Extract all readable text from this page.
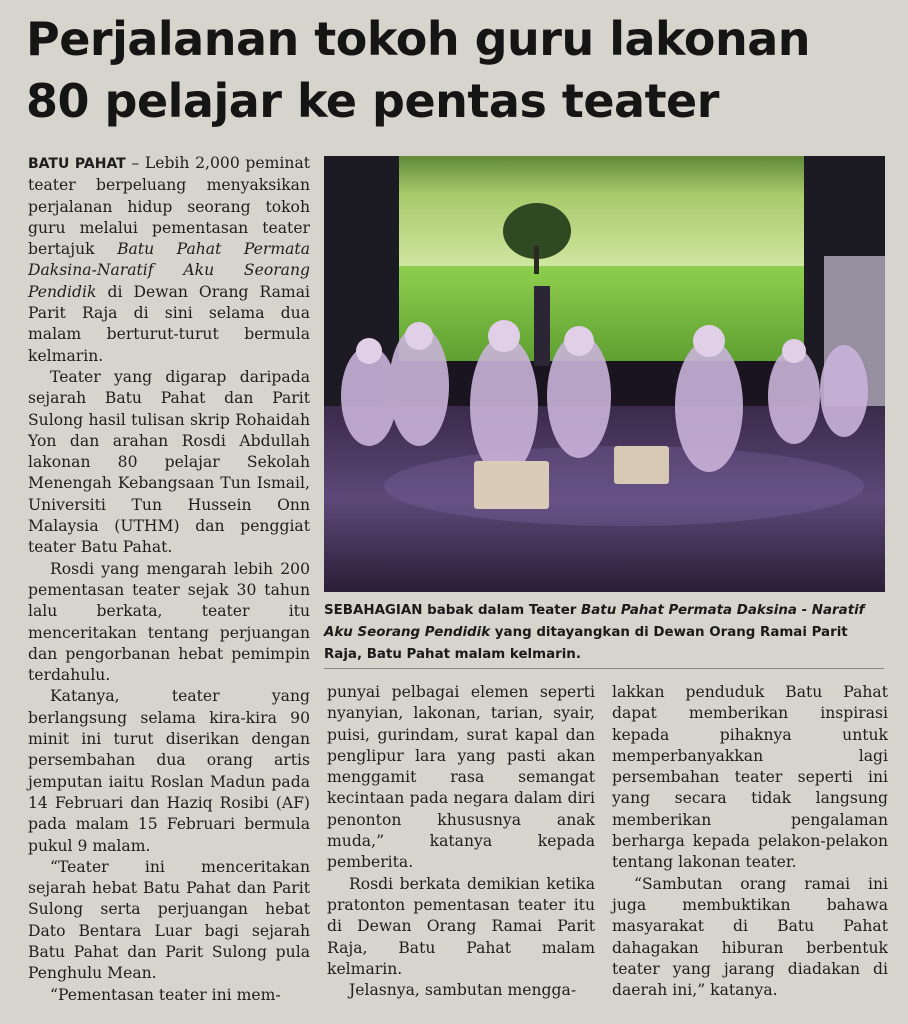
Perjalanan tokoh guru lakonan
80 pelajar ke pentas teater

BATU PAHAT – Lebih 2,000 peminat teater berpeluang menyaksikan perjalanan hidup seorang tokoh guru melalui pementasan teater bertajuk Batu Pahat Permata Daksina-Naratif Aku Seorang Pendidik di Dewan Orang Ramai Parit Raja di sini selama dua malam berturut-turut bermula kelmarin.

Teater yang digarap daripada sejarah Batu Pahat dan Parit Sulong hasil tulisan skrip Rohaidah Yon dan arahan Rosdi Abdullah lakonan 80 pelajar Sekolah Menengah Kebangsaan Tun Ismail, Universiti Tun Hussein Onn Malaysia (UTHM) dan penggiat teater Batu Pahat.

Rosdi yang mengarah lebih 200 pementasan teater sejak 30 tahun lalu berkata, teater itu menceritakan tentang perjuangan dan pengorbanan hebat pemimpin terdahulu.

Katanya, teater yang berlangsung selama kira-kira 90 minit ini turut diserikan dengan persembahan dua orang artis jemputan iaitu Roslan Madun pada 14 Februari dan Haziq Rosibi (AF) pada malam 15 Februari bermula pukul 9 malam.

“Teater ini menceritakan sejarah hebat Batu Pahat dan Parit Sulong serta perjuangan hebat Dato Bentara Luar bagi sejarah Batu Pahat dan Parit Sulong pula Penghulu Mean.

“Pementasan teater ini mem-

SEBAHAGIAN babak dalam Teater Batu Pahat Permata Daksina - Naratif Aku Seorang Pendidik yang ditayangkan di Dewan Orang Ramai Parit Raja, Batu Pahat malam kelmarin.

punyai pelbagai elemen seperti nyanyian, lakonan, tarian, syair, puisi, gurindam, surat kapal dan penglipur lara yang pasti akan menggamit rasa semangat kecintaan pada negara dalam diri penonton khususnya anak muda,” katanya kepada pemberita.

Rosdi berkata demikian ketika pratonton pementasan teater itu di Dewan Orang Ramai Parit Raja, Batu Pahat malam kelmarin.

Jelasnya, sambutan mengga-

lakkan penduduk Batu Pahat dapat memberikan inspirasi kepada pihaknya untuk memperbanyakkan lagi persembahan teater seperti ini yang secara tidak langsung memberikan pengalaman berharga kepada pelakon-pelakon tentang lakonan teater.

“Sambutan orang ramai ini juga membuktikan bahawa masyarakat di Batu Pahat dahagakan hiburan berbentuk teater yang jarang diadakan di daerah ini,” katanya.
